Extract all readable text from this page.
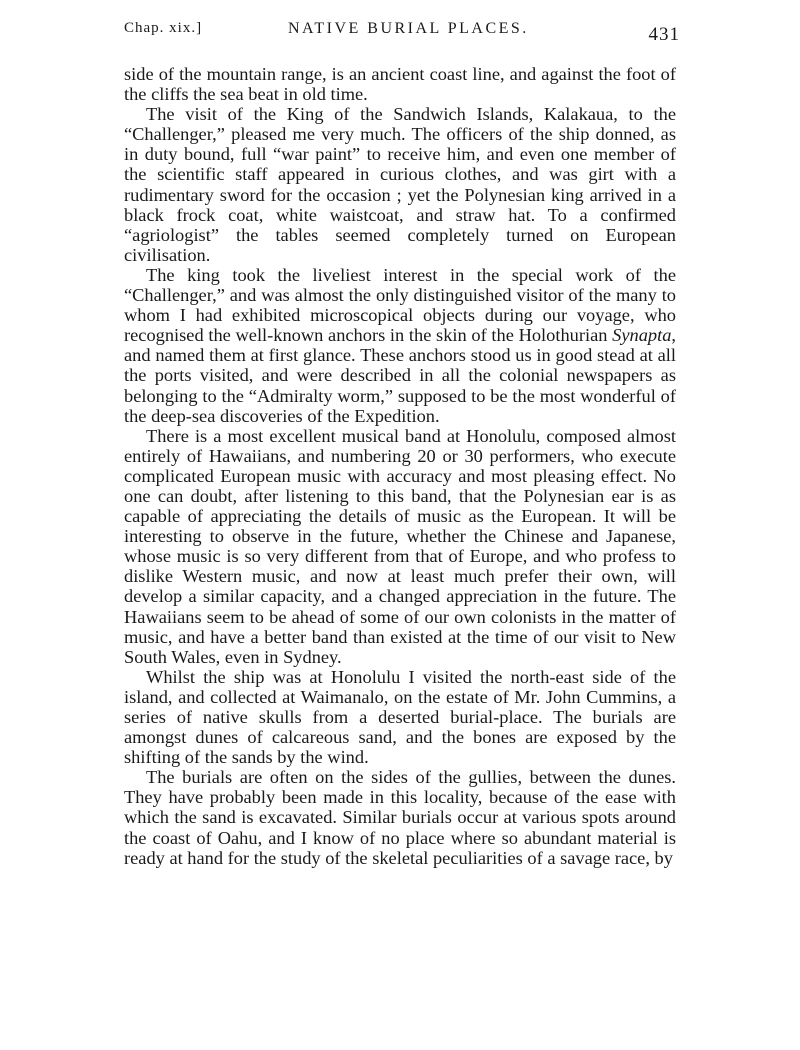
Chap. xix.]	NATIVE BURIAL PLACES.	431

side of the mountain range, is an ancient coast line, and against the foot of the cliffs the sea beat in old time.

The visit of the King of the Sandwich Islands, Kalakaua, to the “Challenger,” pleased me very much. The officers of the ship donned, as in duty bound, full “war paint” to receive him, and even one member of the scientific staff appeared in curious clothes, and was girt with a rudimentary sword for the occasion ; yet the Polynesian king arrived in a black frock coat, white waistcoat, and straw hat. To a confirmed “agriologist” the tables seemed completely turned on European civilisation.

The king took the liveliest interest in the special work of the “Challenger,” and was almost the only distinguished visitor of the many to whom I had exhibited microscopical objects during our voyage, who recognised the well-known anchors in the skin of the Holothurian Synapta, and named them at first glance. These anchors stood us in good stead at all the ports visited, and were described in all the colonial newspapers as belonging to the “Admiralty worm,” supposed to be the most wonderful of the deep-sea discoveries of the Expedition.

There is a most excellent musical band at Honolulu, composed almost entirely of Hawaiians, and numbering 20 or 30 performers, who execute complicated European music with accuracy and most pleasing effect. No one can doubt, after listening to this band, that the Polynesian ear is as capable of appreciating the details of music as the European. It will be interesting to observe in the future, whether the Chinese and Japanese, whose music is so very different from that of Europe, and who profess to dislike Western music, and now at least much prefer their own, will develop a similar capacity, and a changed appreciation in the future. The Hawaiians seem to be ahead of some of our own colonists in the matter of music, and have a better band than existed at the time of our visit to New South Wales, even in Sydney.

Whilst the ship was at Honolulu I visited the north-east side of the island, and collected at Waimanalo, on the estate of Mr. John Cummins, a series of native skulls from a deserted burial-place. The burials are amongst dunes of calcareous sand, and the bones are exposed by the shifting of the sands by the wind.

The burials are often on the sides of the gullies, between the dunes. They have probably been made in this locality, because of the ease with which the sand is excavated. Similar burials occur at various spots around the coast of Oahu, and I know of no place where so abundant material is ready at hand for the study of the skeletal peculiarities of a savage race, by
